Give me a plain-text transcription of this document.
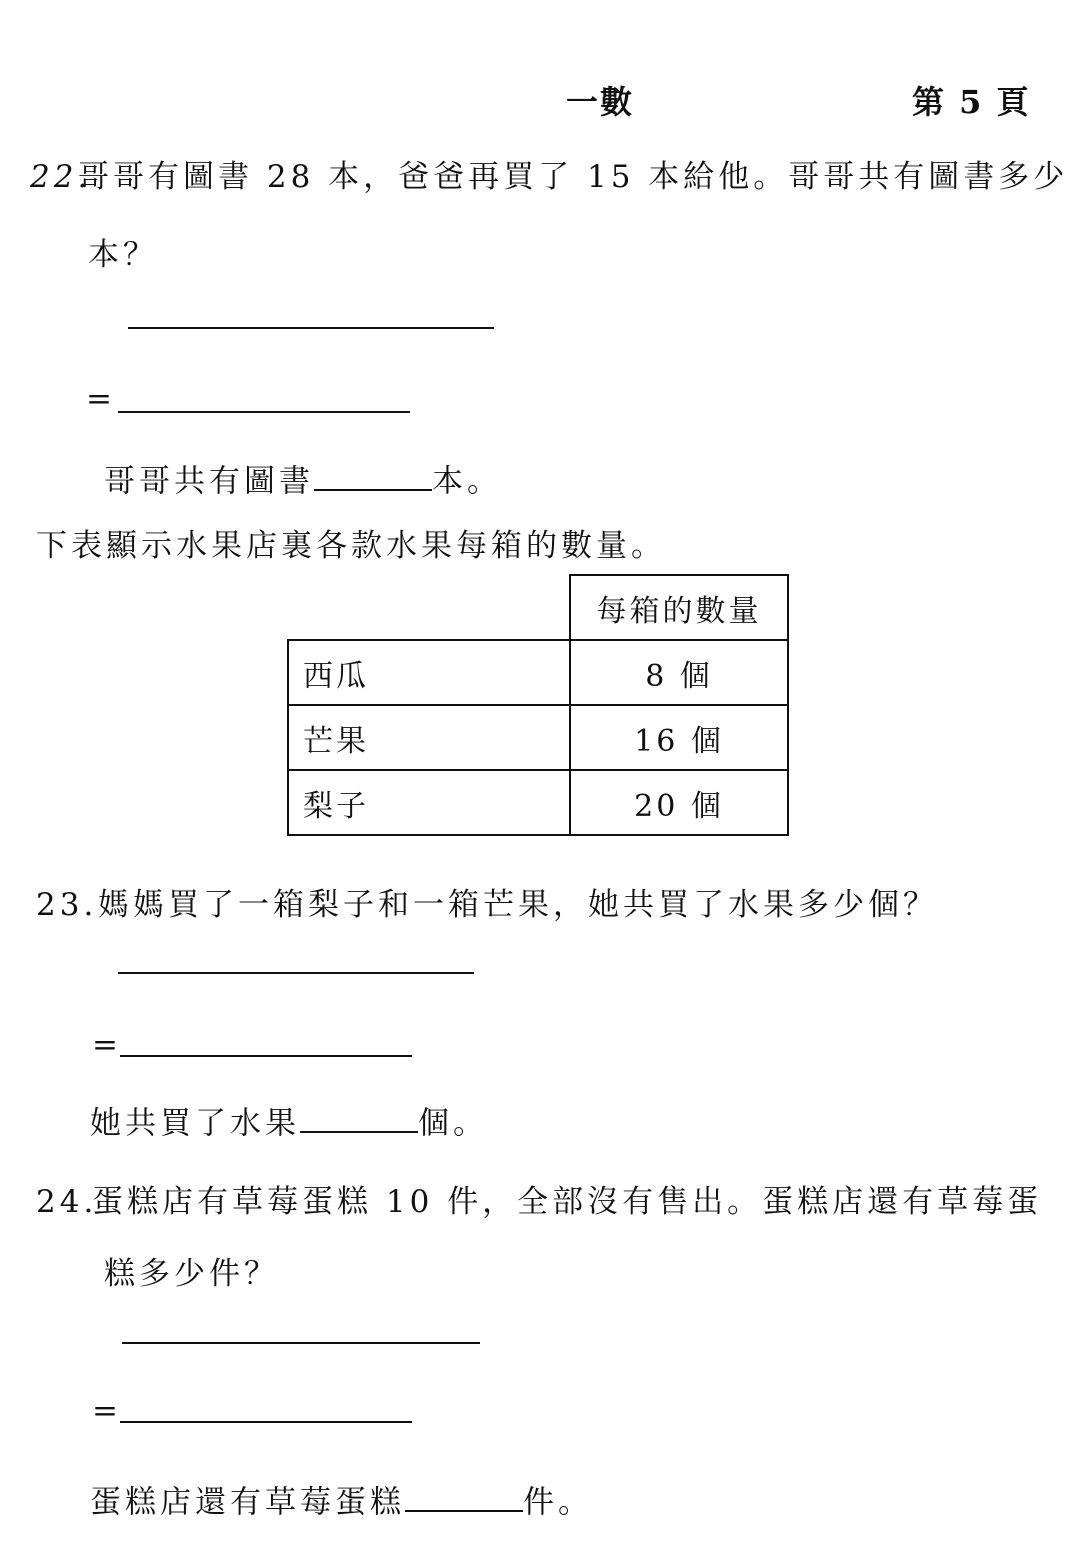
一數	第 5 頁
22.
哥哥有圖書 28 本，爸爸再買了 15 本給他。哥哥共有圖書多少
本？
=
哥哥共有圖書	本。
下表顯示水果店裏各款水果每箱的數量。
	每箱的數量
西瓜	8 個
芒果	16 個
梨子	20 個
23. 媽媽買了一箱梨子和一箱芒果，她共買了水果多少個？
=
她共買了水果	個。
24.
蛋糕店有草莓蛋糕 10 件，全部沒有售出。蛋糕店還有草莓蛋
糕多少件？
=
蛋糕店還有草莓蛋糕	件。
